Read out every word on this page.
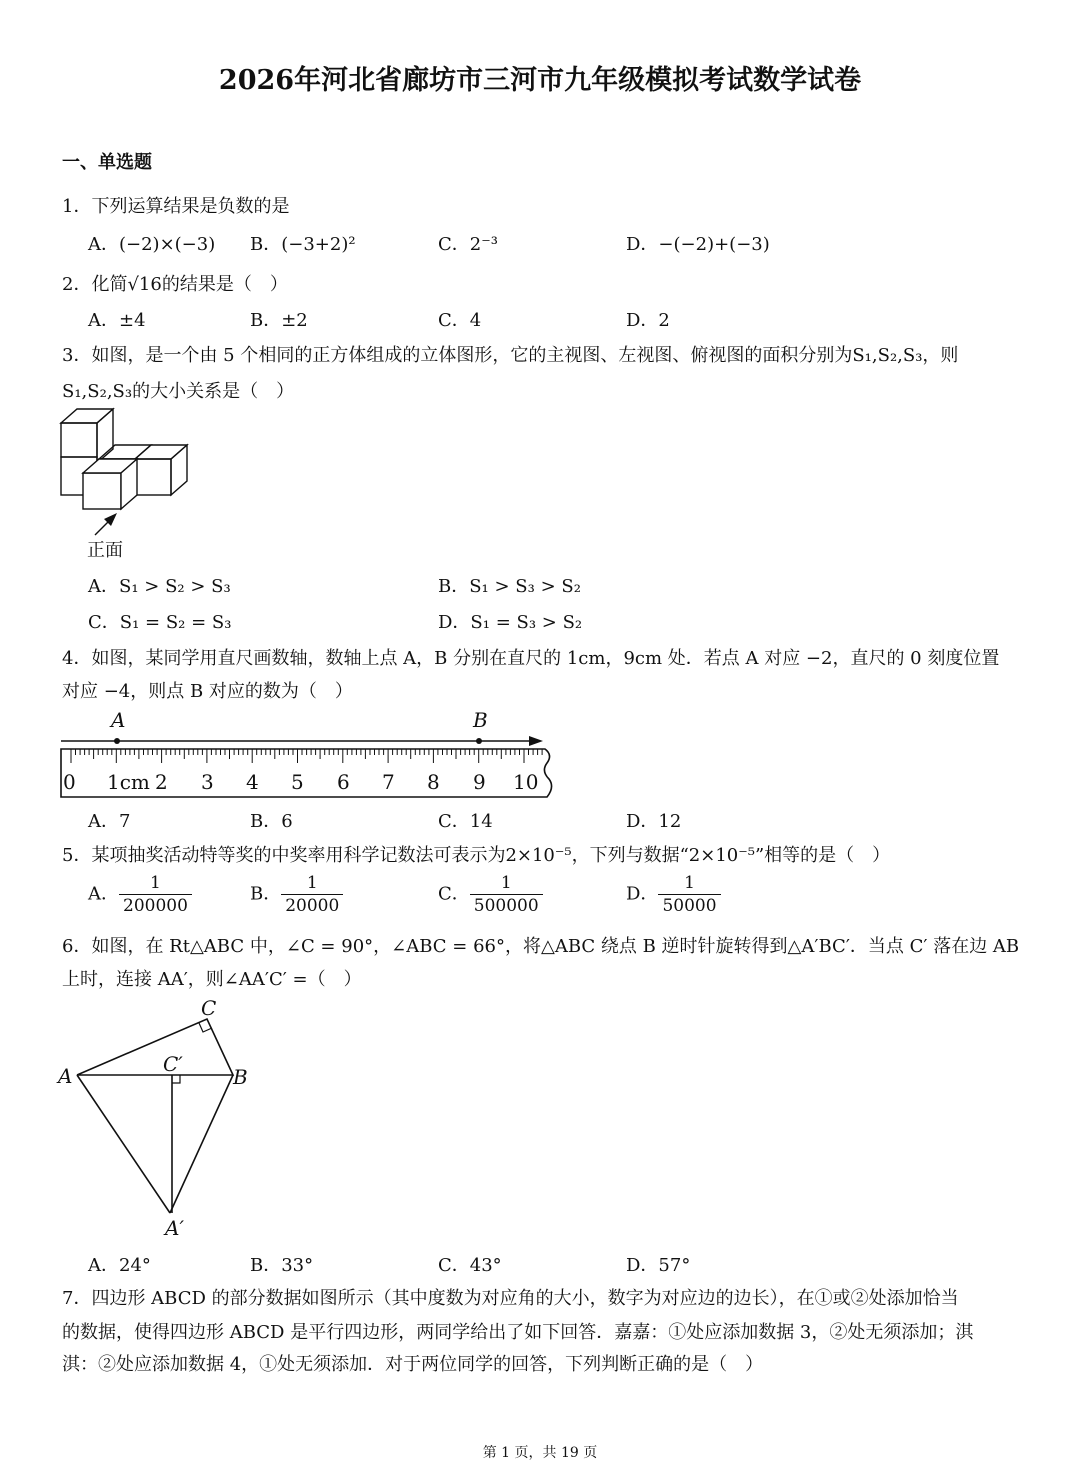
2026年河北省廊坊市三河市九年级模拟考试数学试卷
一、单选题
1．下列运算结果是负数的是
A．(−2)×(−3) B．(−3+2)²	C．2⁻³	D．−(−2)+(−3)
2．化简√16的结果是（　）
A．±4	B．±2	C．4	D．2
3．如图，是一个由 5 个相同的正方体组成的立体图形，它的主视图、左视图、俯视图的面积分别为S₁,S₂,S₃，则
S₁,S₂,S₃的大小关系是（　）
正面
A．S₁ > S₂ > S₃	B．S₁ > S₃ > S₂
C．S₁ = S₂ = S₃	D．S₁ = S₃ > S₂
4．如图，某同学用直尺画数轴，数轴上点 A，B 分别在直尺的 1cm，9cm 处．若点 A 对应 −2，直尺的 0 刻度位置
对应 −4，则点 B 对应的数为（　）
A	B
0 1cm 2 3 4 5 6 7 8 9 10
A．7	B．6	C．14	D．12
5．某项抽奖活动特等奖的中奖率用科学记数法可表示为2×10⁻⁵，下列与数据“2×10⁻⁵”相等的是（　）
A． $\frac{1}{200000}$	B． $\frac{1}{20000}$	C． $\frac{1}{500000}$	D． $\frac{1}{50000}$
6．如图，在 Rt△ABC 中，∠C = 90°，∠ABC = 66°，将△ABC 绕点 B 逆时针旋转得到△A′BC′．当点 C′ 落在边 AB
上时，连接 AA′，则∠AA′C′ =（　）
A	B
C
C′
A′
A．24°	B．33°	C．43°	D．57°
7．四边形 ABCD 的部分数据如图所示（其中度数为对应角的大小，数字为对应边的边长），在①或②处添加恰当
的数据，使得四边形 ABCD 是平行四边形，两同学给出了如下回答．嘉嘉：①处应添加数据 3，②处无须添加；淇
淇：②处应添加数据 4，①处无须添加．对于两位同学的回答，下列判断正确的是（　）
第 1 页，共 19 页
